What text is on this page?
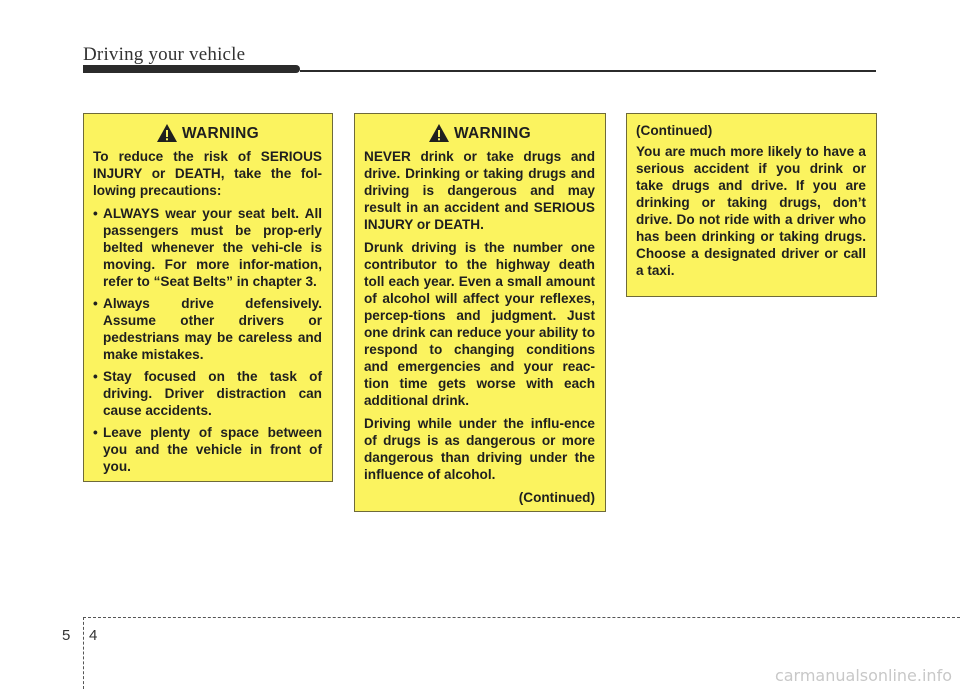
Driving your vehicle
WARNING

To reduce the risk of SERIOUS INJURY or DEATH, take the fol-lowing precautions:

• ALWAYS wear your seat belt. All passengers must be prop-erly belted whenever the vehi-cle is moving. For more infor-mation, refer to “Seat Belts” in chapter 3.
• Always drive defensively. Assume other drivers or pedestrians may be careless and make mistakes.
• Stay focused on the task of driving. Driver distraction can cause accidents.
• Leave plenty of space between you and the vehicle in front of you.
WARNING

NEVER drink or take drugs and drive. Drinking or taking drugs and driving is dangerous and may result in an accident and SERIOUS INJURY or DEATH.

Drunk driving is the number one contributor to the highway death toll each year. Even a small amount of alcohol will affect your reflexes, percep-tions and judgment. Just one drink can reduce your ability to respond to changing conditions and emergencies and your reac-tion time gets worse with each additional drink.

Driving while under the influ-ence of drugs is as dangerous or more dangerous than driving under the influence of alcohol.

(Continued)

(Continued)

You are much more likely to have a serious accident if you drink or take drugs and drive. If you are drinking or taking drugs, don’t drive. Do not ride with a driver who has been drinking or taking drugs. Choose a designated driver or call a taxi.

5 4
carmanualsonline.info
